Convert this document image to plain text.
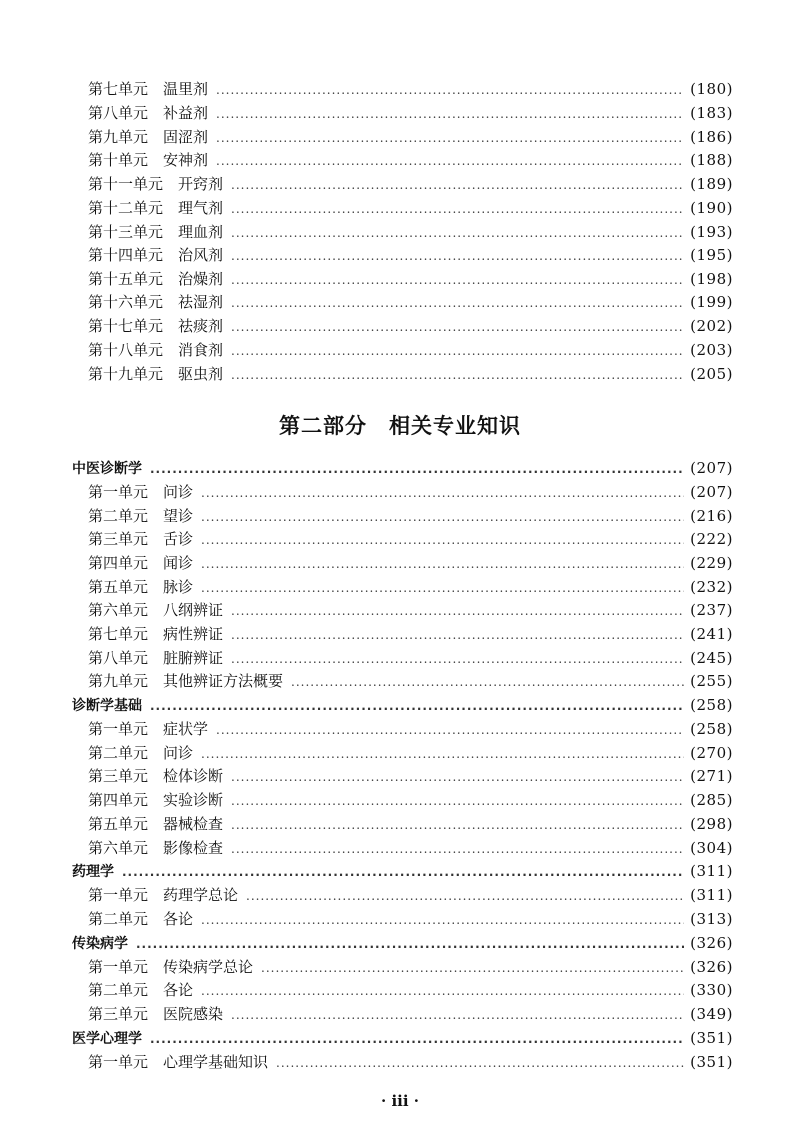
第七单元 温里剂 .....	(180)
第八单元 补益剂 .....	(183)
第九单元 固涩剂 .....	(186)
第十单元 安神剂 .....	(188)
第十一单元 开窍剂 .....	(189)
第十二单元 理气剂 .....	(190)
第十三单元 理血剂 .....	(193)
第十四单元 治风剂 .....	(195)
第十五单元 治燥剂 .....	(198)
第十六单元 祛湿剂 .....	(199)
第十七单元 祛痰剂 .....	(202)
第十八单元 消食剂 .....	(203)
第十九单元 驱虫剂 .....	(205)
第二部分 相关专业知识
中医诊断学 .....	(207)
第一单元 问诊 .....	(207)
第二单元 望诊 .....	(216)
第三单元 舌诊 .....	(222)
第四单元 闻诊 .....	(229)
第五单元 脉诊 .....	(232)
第六单元 八纲辨证 .....	(237)
第七单元 病性辨证 .....	(241)
第八单元 脏腑辨证 .....	(245)
第九单元 其他辨证方法概要 .....	(255)
诊断学基础 .....	(258)
第一单元 症状学 .....	(258)
第二单元 问诊 .....	(270)
第三单元 检体诊断 .....	(271)
第四单元 实验诊断 .....	(285)
第五单元 器械检查 .....	(298)
第六单元 影像检查 .....	(304)
药理学 .....	(311)
第一单元 药理学总论 .....	(311)
第二单元 各论 .....	(313)
传染病学 .....	(326)
第一单元 传染病学总论 .....	(326)
第二单元 各论 .....	(330)
第三单元 医院感染 .....	(349)
医学心理学 .....	(351)
第一单元 心理学基础知识 .....	(351)
· iii ·
